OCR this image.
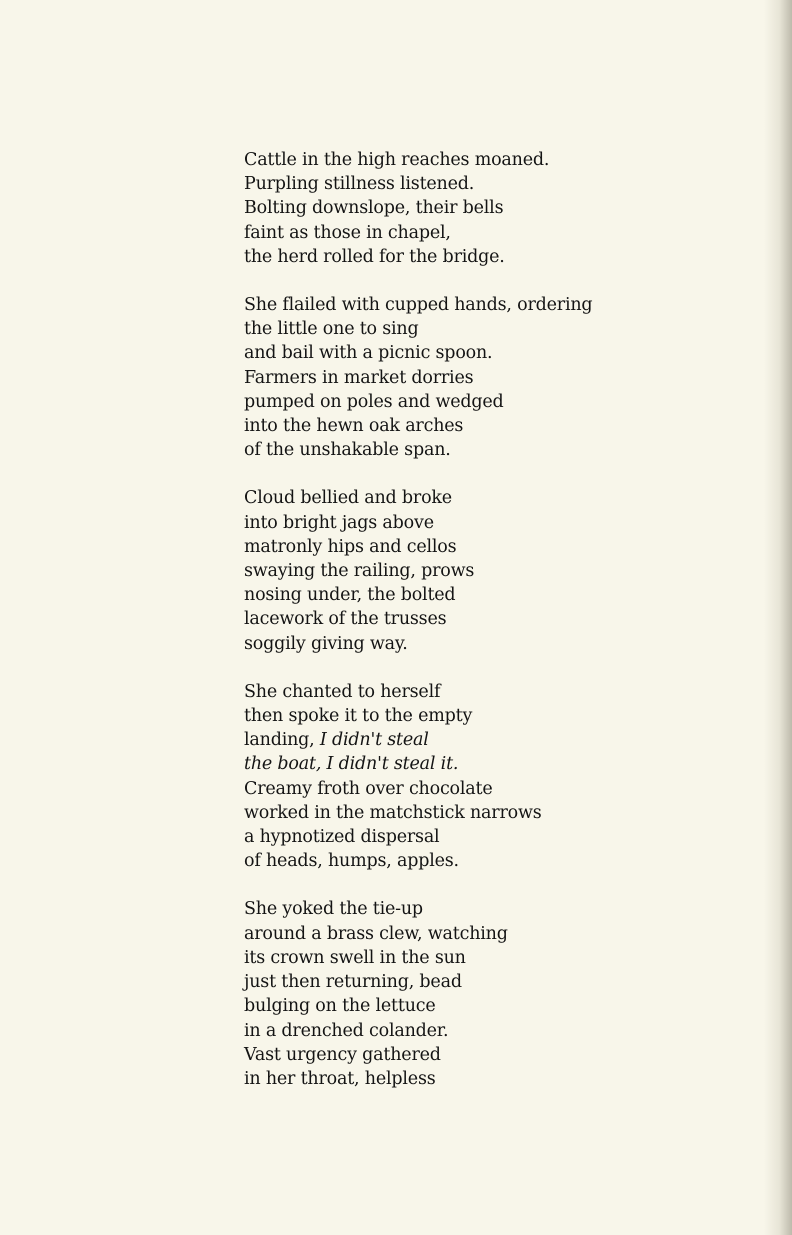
Cattle in the high reaches moaned.
Purpling stillness listened.
Bolting downslope, their bells
faint as those in chapel,
the herd rolled for the bridge.
She flailed with cupped hands, ordering
the little one to sing
and bail with a picnic spoon.
Farmers in market dorries
pumped on poles and wedged
into the hewn oak arches
of the unshakable span.
Cloud bellied and broke
into bright jags above
matronly hips and cellos
swaying the railing, prows
nosing under, the bolted
lacework of the trusses
soggily giving way.
She chanted to herself
then spoke it to the empty
landing, I didn't steal
the boat, I didn't steal it.
Creamy froth over chocolate
worked in the matchstick narrows
a hypnotized dispersal
of heads, humps, apples.
She yoked the tie-up
around a brass clew, watching
its crown swell in the sun
just then returning, bead
bulging on the lettuce
in a drenched colander.
Vast urgency gathered
in her throat, helpless
